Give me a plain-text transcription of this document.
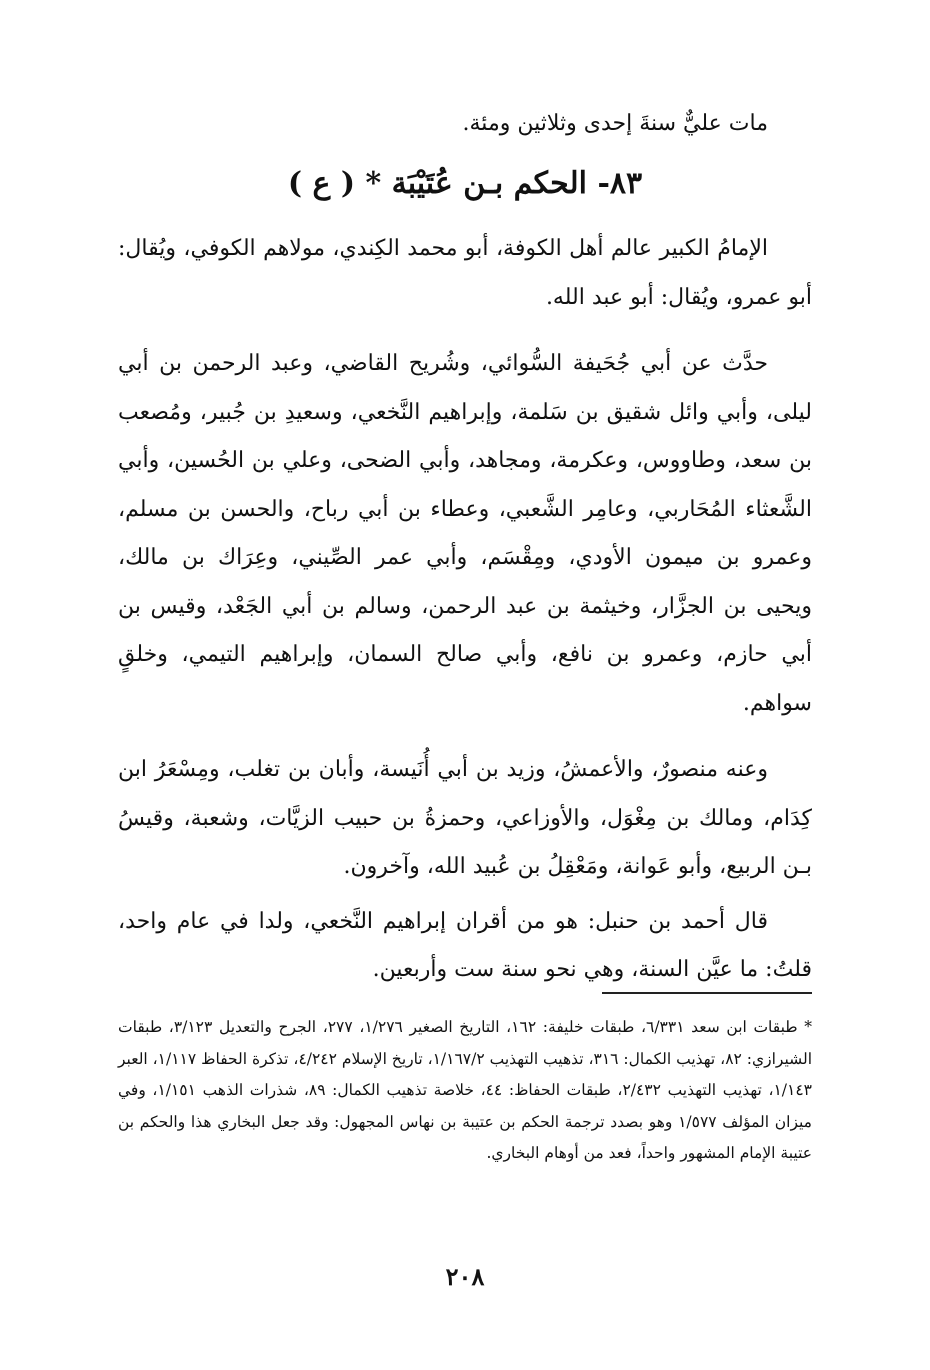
مات عليٌّ سنةَ إحدى وثلاثين ومئة.

٨٣- الحكم بـن عُتَيْبَة * ( ع )

الإمامُ الكبير عالم أهل الكوفة، أبو محمد الكِندي، مولاهم الكوفي، ويُقال: أبو عمرو، ويُقال: أبو عبد الله.

حدَّث عن أبي جُحَيفة السُّوائي، وشُريح القاضي، وعبد الرحمن بن أبي ليلى، وأبي وائل شقيق بن سَلمة، وإبراهيم النَّخعي، وسعيدِ بن جُبير، ومُصعب بن سعد، وطاووس، وعكرمة، ومجاهد، وأبي الضحى، وعلي بن الحُسين، وأبي الشَّعثاء المُحَاربي، وعامِر الشَّعبي، وعطاء بن أبي رباح، والحسن بن مسلم، وعمرو بن ميمون الأودي، ومِقْسَم، وأبي عمر الصِّيني، وعِرَاك بن مالك، ويحيى بن الجزَّار، وخيثمة بن عبد الرحمن، وسالم بن أبي الجَعْد، وقيس بن أبي حازم، وعمرو بن نافع، وأبي صالح السمان، وإبراهيم التيمي، وخلقٍ سواهم.

وعنه منصورٌ، والأعمشُ، وزيد بن أبي أُنَيسة، وأبان بن تغلب، ومِسْعَرُ ابن كِدَام، ومالك بن مِغْوَل، والأوزاعي، وحمزةُ بن حبيب الزيَّات، وشعبة، وقيسُ بـن الربيع، وأبو عَوانة، ومَعْقِلُ بن عُبيد الله، وآخرون.

قال أحمد بن حنبل: هو من أقران إبراهيم النَّخعي، ولدا في عام واحد، قلتُ: ما عيَّن السنة، وهي نحو سنة ست وأربعين.

* طبقات ابن سعد ٦/٣٣١، طبقات خليفة: ١٦٢، التاريخ الصغير ١/٢٧٦، ٢٧٧، الجرح والتعديل ٣/١٢٣، طبقات الشيرازي: ٨٢، تهذيب الكمال: ٣١٦، تذهيب التهذيب ١/١٦٧/٢، تاريخ الإسلام ٤/٢٤٢، تذكرة الحفاظ ١/١١٧، العبر ١/١٤٣، تهذيب التهذيب ٢/٤٣٢، طبقات الحفاظ: ٤٤، خلاصة تذهيب الكمال: ٨٩، شذرات الذهب ١/١٥١، وفي ميزان المؤلف ١/٥٧٧ وهو بصدد ترجمة الحكم بن عتيبة بن نهاس المجهول: وقد جعل البخاري هذا والحكم بن عتيبة الإمام المشهور واحداً، فعد من أوهام البخاري.

٢٠٨
